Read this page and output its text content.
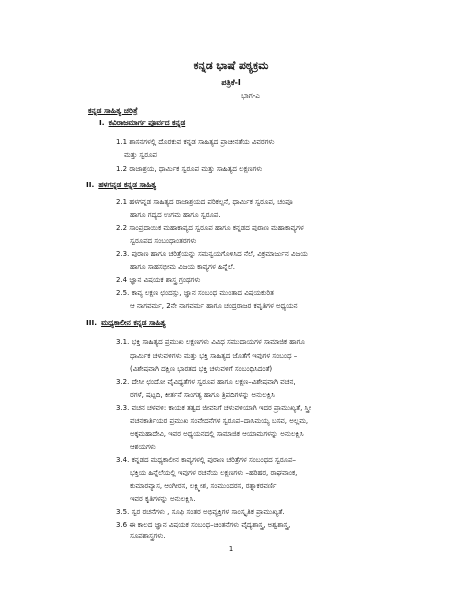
ಕನ್ನಡ ಭಾಷೆ ಪಠ್ಯಕ್ರಮ
ಪತ್ರಿಕೆ-I
ಭಾಗ-ಎ
ಕನ್ನಡ ಸಾಹಿತ್ಯ ಚರಿತ್ರೆ
I. ಕವಿರಾಜಮಾರ್ಗ ಪೂರ್ವದ ಕನ್ನಡ
1.1 ಶಾಸನಗಳಲ್ಲಿ ದೊರಕುವ ಕನ್ನಡ ಸಾಹಿತ್ಯದ ಪ್ರಾಚೀನತೆಯ ವಿವರಗಳು
ಮತ್ತು ಸ್ವರೂಪ
1.2 ರಾಜಾಶ್ರಯ, ಧಾರ್ಮಿಕ ಸ್ವರೂಪ ಮತ್ತು ಸಾಹಿತ್ಯದ ಲಕ್ಷಣಗಳು
II. ಹಳಗನ್ನಡ ಕನ್ನಡ ಸಾಹಿತ್ಯ
2.1 ಹಳಗನ್ನಡ ಸಾಹಿತ್ಯದ ರಾಜಾಶ್ರಯದ ಪರಿಕಲ್ಪನೆ, ಧಾರ್ಮಿಕ ಸ್ವರೂಪ, ಚಂಪೂ
ಹಾಗೂ ಗದ್ಯದ ಉಗಮ ಹಾಗೂ ಸ್ವರೂಪ.
2.2 ಸಾಂಪ್ರದಾಯಿಕ ಮಹಾಕಾವ್ಯದ ಸ್ವರೂಪ ಹಾಗೂ ಕನ್ನಡದ ಪುರಾಣ ಮಹಾಕಾವ್ಯಗಳ
ಸ್ವರೂಪದ ಸಂಬಂಧಾಂತರಗಳು
2.3. ಪುರಾಣ ಹಾಗೂ ಚರಿತ್ರೆಯನ್ನು ಸಮನ್ವಯಗೊಳಿಸಿದ ನೆಲೆ, ವಿಕ್ರಮಾರ್ಜುನ ವಿಜಯ
ಹಾಗೂ ಸಾಹಸಭೀಮ ವಿಜಯ ಕಾವ್ಯಗಳ ಹಿನ್ನೆಲೆ.
2.4 ಜ್ಞಾನ ವಿಷಯಕ ಶಾಸ್ತ್ರ ಗ್ರಂಥಗಳು
2.5. ಕಾವ್ಯ ಲಕ್ಷಣ ಛಂದಸ್ಸು, ಜ್ಞಾನ ಸಂಬಂಧ ಮುಂತಾದ ವಿಷಯಕುರಿತ
ಆ ನಾಗವರ್ಮ, 2ನೇ ನಾಗವರ್ಮ ಹಾಗೂ ಚಂದ್ರರಾಜರ ಕವೃತಿಗಳ ಅಧ್ಯಯನ
III. ಮಧ್ಯಕಾಲೀನ ಕನ್ನಡ ಸಾಹಿತ್ಯ
3.1. ಭಕ್ತಿ ಸಾಹಿತ್ಯದ ಪ್ರಮುಖ ಲಕ್ಷಣಗಳು ವಿವಿಧ ಸಮುದಾಯಗಳ ಸಾಮಾಜಿಕ ಹಾಗೂ
ಧಾರ್ಮಿಕ ಚಳುವಳಿಗಳು ಮತ್ತು ಭಕ್ತಿ ಸಾಹಿತ್ಯದ ಜೊತೆಗೆ ಇವುಗಳ ಸಂಬಂಧ –
(ವಿಶೇಷವಾಗಿ ದಕ್ಷಿಣ ಭಾರತದ ಭಕ್ತಿ ಚಳುವಳಿಗೆ ಸಂಬಂಧಿಸಿದಂತೆ)
3.2. ದೇಸೀ ಛಂದೋ ವೈವಿಧ್ಯತೆಗಳ ಸ್ವರೂಪ ಹಾಗೂ ಲಕ್ಷಣ–ವಿಶೇಷವಾಗಿ ವಚನ,
ರಗಳೆ, ಷಟ್ಪದಿ, ಕೀರ್ತನೆ ಸಾಂಗತ್ಯ ಹಾಗೂ ತ್ರಿಪದಿಗಳನ್ನು ಅನುಲಕ್ಷಿಸಿ
3.3. ವಚನ ಚಳವಳಿ: ಕಾಯಕ ತತ್ವದ ಜೀವನಿಗೆ ಚಳುವಳಿಯಾಗಿ ಇದರ ಪ್ರಾಮುಖ್ಯತೆ, ಸ್ತ್ರೀ
ವಚನಕಾರ್ತಿಯರ ಪ್ರಮುಖ ಸಂವೇದನೆಗಳ ಸ್ವರೂಪ–ದಾಸಿಮಯ್ಯ ಬಸವ, ಅಲ್ಲಮ,
ಅಕ್ಕಮಹಾದೇವಿ, ಇವರ ಅಧ್ಯಯನದಲ್ಲಿ ಸಾಮಾಜಿಕ ಆಯಾಮಗಳನ್ನು ಅನುಲಕ್ಷಿಸಿ
ಆಶಯಗಳು
3.4. ಕನ್ನಡದ ಮಧ್ಯಕಾಲೀನ ಕಾವ್ಯಗಳಲ್ಲಿ ಪುರಾಣ ಚರಿತ್ರೆಗಳ ಸಂಬಂಧದ ಸ್ವರೂಪ–
ಭಕ್ತಿಯ ಹಿನ್ನೆಲೆಯಲ್ಲಿ ಇವುಗಳ ರಚನೆಯ ಲಕ್ಷಣಗಳು –ಹರಿಹರ, ರಾಘವಾಂಕ,
ಕುಮಾರವ್ಯಾಸ, ಆಂಗೀರಸ, ಲಕ್ಷ್ಮೀಶ, ಸಂಮುಂದರಸ, ರತ್ನಾಕರವರ್ಣಿ
ಇವರ ಕೃತಿಗಳನ್ನು ಅನುಲಕ್ಷಿಸಿ.
3.5. ಸ್ವರ ರಚನೆಗಳು , ಸೂಫಿ ಸಂತರ ಅಭಿವ್ಯಕ್ತಿಗಳ ಸಾಂಸ್ಕೃತಿಕ ಪ್ರಾಮುಖ್ಯತೆ.
3.6 ಈ ಕಾಲದ ಜ್ಞಾನ ವಿಷಯಕ ಸಂಬಂಧ–ಚಿಂತನೆಗಳು ವೈದ್ಯಶಾಸ್ತ್ರ, ಅಶ್ವಶಾಸ್ತ್ರ,
ಸೂಪಶಾಸ್ತ್ರಗಳು.
1
